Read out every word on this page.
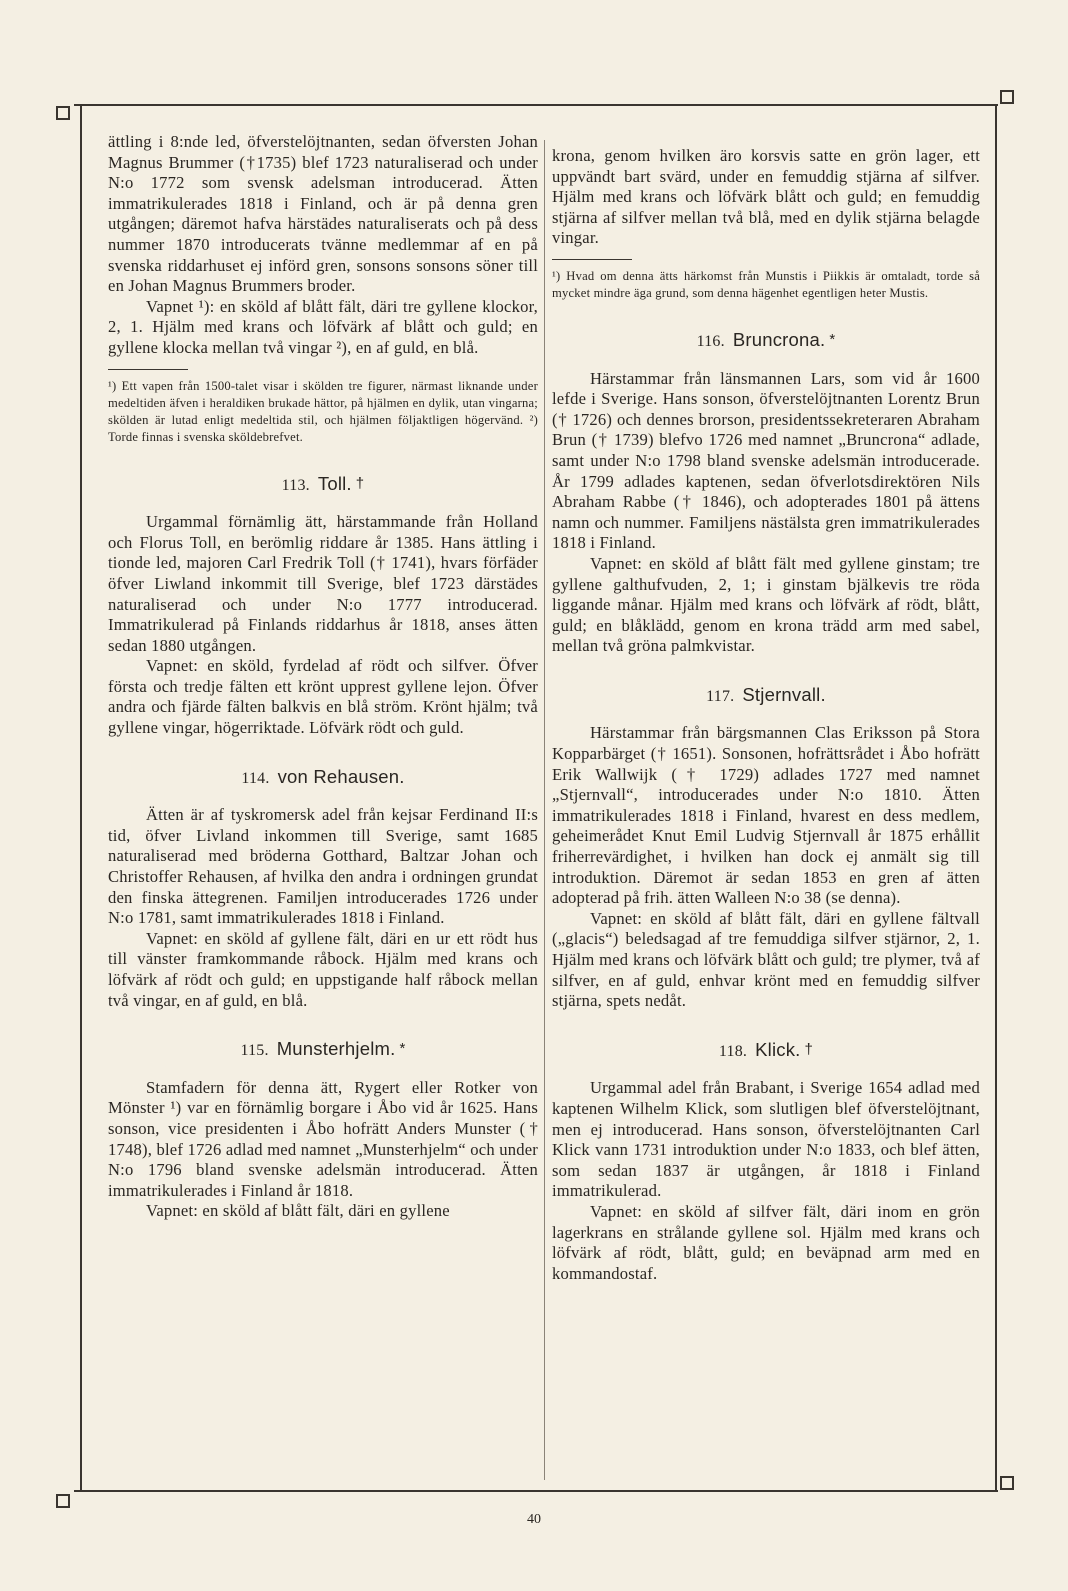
ättling i 8:nde led, öfverstelöjtnanten, sedan öfversten Johan Magnus Brummer (†1735) blef 1723 naturaliserad och under N:o 1772 som svensk adelsman introducerad. Ätten immatrikulerades 1818 i Finland, och är på denna gren utgången; däremot hafva härstädes naturaliserats och på dess nummer 1870 introducerats tvänne medlemmar af en på svenska riddarhuset ej införd gren, sonsons sonsons söner till en Johan Magnus Brummers broder.

Vapnet ¹): en sköld af blått fält, däri tre gyllene klockor, 2, 1. Hjälm med krans och löfvärk af blått och guld; en gyllene klocka mellan två vingar ²), en af guld, en blå.

¹) Ett vapen från 1500-talet visar i skölden tre figurer, närmast liknande under medeltiden äfven i heraldiken brukade hättor, på hjälmen en dylik, utan vingarna; skölden är lutad enligt medeltida stil, och hjälmen följaktligen högervänd. ²) Torde finnas i svenska sköldebrefvet.

113. Toll. †

Urgammal förnämlig ätt, härstammande från Holland och Florus Toll, en berömlig riddare år 1385. Hans ättling i tionde led, majoren Carl Fredrik Toll († 1741), hvars förfäder öfver Liwland inkommit till Sverige, blef 1723 därstädes naturaliserad och under N:o 1777 introducerad. Immatrikulerad på Finlands riddarhus år 1818, anses ätten sedan 1880 utgången.

Vapnet: en sköld, fyrdelad af rödt och silfver. Öfver första och tredje fälten ett krönt upprest gyllene lejon. Öfver andra och fjärde fälten balkvis en blå ström. Krönt hjälm; två gyllene vingar, högerriktade. Löfvärk rödt och guld.

114. von Rehausen.

Ätten är af tyskromersk adel från kejsar Ferdinand II:s tid, öfver Livland inkommen till Sverige, samt 1685 naturaliserad med bröderna Gotthard, Baltzar Johan och Christoffer Rehausen, af hvilka den andra i ordningen grundat den finska ättegrenen. Familjen introducerades 1726 under N:o 1781, samt immatrikulerades 1818 i Finland.

Vapnet: en sköld af gyllene fält, däri en ur ett rödt hus till vänster framkommande råbock. Hjälm med krans och löfvärk af rödt och guld; en uppstigande half råbock mellan två vingar, en af guld, en blå.

115. Munsterhjelm. *

Stamfadern för denna ätt, Rygert eller Rotker von Mönster ¹) var en förnämlig borgare i Åbo vid år 1625. Hans sonson, vice presidenten i Åbo hofrätt Anders Munster († 1748), blef 1726 adlad med namnet „Munsterhjelm“ och under N:o 1796 bland svenske adelsmän introducerad. Ätten immatrikulerades i Finland år 1818.

Vapnet: en sköld af blått fält, däri en gyllene

krona, genom hvilken äro korsvis satte en grön lager, ett uppvändt bart svärd, under en femuddig stjärna af silfver. Hjälm med krans och löfvärk blått och guld; en femuddig stjärna af silfver mellan två blå, med en dylik stjärna belagde vingar.

¹) Hvad om denna ätts härkomst från Munstis i Piikkis är omtaladt, torde så mycket mindre äga grund, som denna hägenhet egentligen heter Mustis.

116. Bruncrona. *

Härstammar från länsmannen Lars, som vid år 1600 lefde i Sverige. Hans sonson, öfverstelöjtnanten Lorentz Brun († 1726) och dennes brorson, presidentssekreteraren Abraham Brun († 1739) blefvo 1726 med namnet „Bruncrona“ adlade, samt under N:o 1798 bland svenske adelsmän introducerade. År 1799 adlades kaptenen, sedan öfverlotsdirektören Nils Abraham Rabbe († 1846), och adopterades 1801 på ättens namn och nummer. Familjens nästälsta gren immatrikulerades 1818 i Finland.

Vapnet: en sköld af blått fält med gyllene ginstam; tre gyllene galthufvuden, 2, 1; i ginstam bjälkevis tre röda liggande månar. Hjälm med krans och löfvärk af rödt, blått, guld; en blåklädd, genom en krona trädd arm med sabel, mellan två gröna palmkvistar.

117. Stjernvall.

Härstammar från bärgsmannen Clas Eriksson på Stora Kopparbärget († 1651). Sonsonen, hofrättsrådet i Åbo hofrätt Erik Wallwijk († 1729) adlades 1727 med namnet „Stjernvall“, introducerades under N:o 1810. Ätten immatrikulerades 1818 i Finland, hvarest en dess medlem, geheimerådet Knut Emil Ludvig Stjernvall år 1875 erhållit friherrevärdighet, i hvilken han dock ej anmält sig till introduktion. Däremot är sedan 1853 en gren af ätten adopterad på frih. ätten Walleen N:o 38 (se denna).

Vapnet: en sköld af blått fält, däri en gyllene fältvall („glacis“) beledsagad af tre femuddiga silfver stjärnor, 2, 1. Hjälm med krans och löfvärk blått och guld; tre plymer, två af silfver, en af guld, enhvar krönt med en femuddig silfver stjärna, spets nedåt.

118. Klick. †

Urgammal adel från Brabant, i Sverige 1654 adlad med kaptenen Wilhelm Klick, som slutligen blef öfverstelöjtnant, men ej introducerad. Hans sonson, öfverstelöjtnanten Carl Klick vann 1731 introduktion under N:o 1833, och blef ätten, som sedan 1837 är utgången, år 1818 i Finland immatrikulerad.

Vapnet: en sköld af silfver fält, däri inom en grön lagerkrans en strålande gyllene sol. Hjälm med krans och löfvärk af rödt, blått, guld; en beväpnad arm med en kommandostaf.

40
